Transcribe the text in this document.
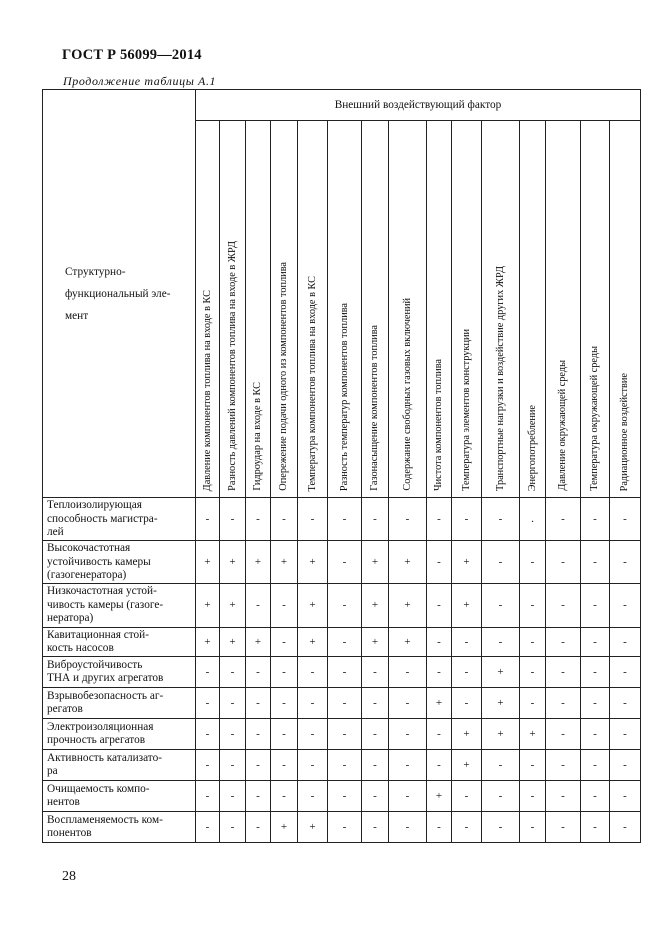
ГОСТ Р 56099—2014
Продолжение таблицы А.1
Структурно-
функциональный эле-
мент	Внешний воздействующий фактор														

	Давление компонентов топлива на входе в КС	Разность давлений компонентов топлива на входе в ЖРД	Гидроудар на входе в КС	Опережение подачи одного из компонентов топлива	Температура компонентов топлива на входе в КС	Разность температур компонентов топлива	Газонасыщение компонентов топлива	Содержание свободных газовых включений	Чистота компонентов топлива	Температура элементов конструкции	Транспортные нагрузки и воздействие других ЖРД	Энергопотребление	Давление окружающей среды	Температура окружающей среды	Радиационное воздействие

Теплоизолирующая
способность магистра-
лей	-	-	-	-	-	-	-	-	-	-	-	.	-	-	-
Высокочастотная
устойчивость камеры
(газогенератора)	+	+	+	+	+	-	+	+	-	+	-	-	-	-	-
Низкочастотная устой-
чивость камеры (газоге-
нератора)	+	+	-	-	+	-	+	+	-	+	-	-	-	-	-
Кавитационная стой-
кость насосов	+	+	+	-	+	-	+	+	-	-	-	-	-	-	-
Виброустойчивость
ТНА и других агрегатов	-	-	-	-	-	-	-	-	-	-	+	-	-	-	-
Взрывобезопасность аг-
регатов	-	-	-	-	-	-	-	-	+	-	+	-	-	-	-
Электроизоляционная
прочность агрегатов	-	-	-	-	-	-	-	-	-	+	+	+	-	-	-
Активность катализато-
ра	-	-	-	-	-	-	-	-	-	+	-	-	-	-	-
Очищаемость компо-
нентов	-	-	-	-	-	-	-	-	+	-	-	-	-	-	-
Воспламеняемость ком-
понентов	-	-	-	+	+	-	-	-	-	-	-	-	-	-	-
28
